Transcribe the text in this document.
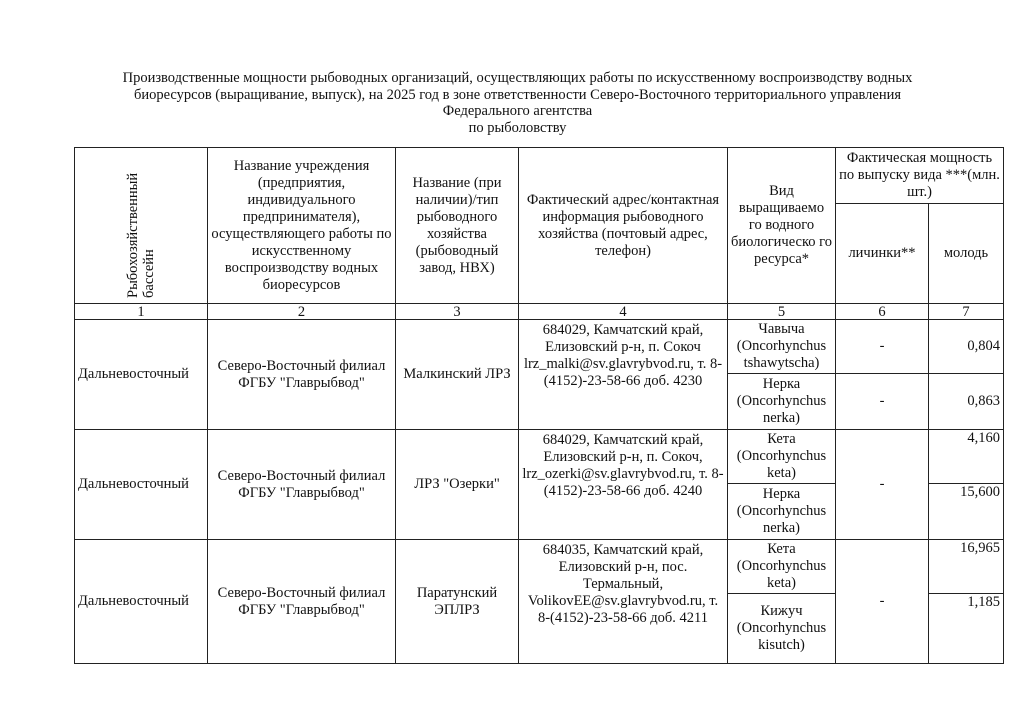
Производственные мощности рыбоводных организаций, осуществляющих работы по искусственному воспроизводству водных
биоресурсов (выращивание, выпуск), на 2025 год в зоне ответственности Северо-Восточного территориального управления
Федерального агентства
по рыболовству
Рыбохозяйственный бассейн	Название учреждения (предприятия, индивидуального предпринимателя), осуществляющего работы по искусственному воспроизводству водных биоресурсов	Название (при наличии)/тип рыбоводного хозяйства (рыбоводный завод, НВХ)	Фактический адрес/контактная информация рыбоводного хозяйства (почтовый адрес, телефон)	Вид выращиваемо го водного биологическо го ресурса*	Фактическая мощность по выпуску вида ***(млн. шт.)	
					личинки**	молодь
1	2	3	4	5	6	7
Дальневосточный	Северо-Восточный филиал ФГБУ "Главрыбвод"	Малкинский ЛРЗ	684029, Камчатский край, Елизовский р-н, п. Сокоч lrz_malki@sv.glavrybvod.ru, т. 8-(4152)-23-58-66 доб. 4230	Чавыча (Oncorhynchus tshawytscha)	-	0,804
				Нерка (Oncorhynchus nerka)	-	0,863
Дальневосточный	Северо-Восточный филиал ФГБУ "Главрыбвод"	ЛРЗ "Озерки"	684029, Камчатский край, Елизовский р-н, п. Сокоч, lrz_ozerki@sv.glavrybvod.ru, т. 8-(4152)-23-58-66 доб. 4240	Кета (Oncorhynchus keta)	-	4,160
				Нерка (Oncorhynchus nerka)		15,600
Дальневосточный	Северо-Восточный филиал ФГБУ "Главрыбвод"	Паратунский ЭПЛРЗ	684035, Камчатский край, Елизовский р-н, пос. Термальный, VolikovEE@sv.glavrybvod.ru, т. 8-(4152)-23-58-66 доб. 4211	Кета (Oncorhynchus keta)	-	16,965
				Кижуч (Oncorhynchus kisutch)		1,185
